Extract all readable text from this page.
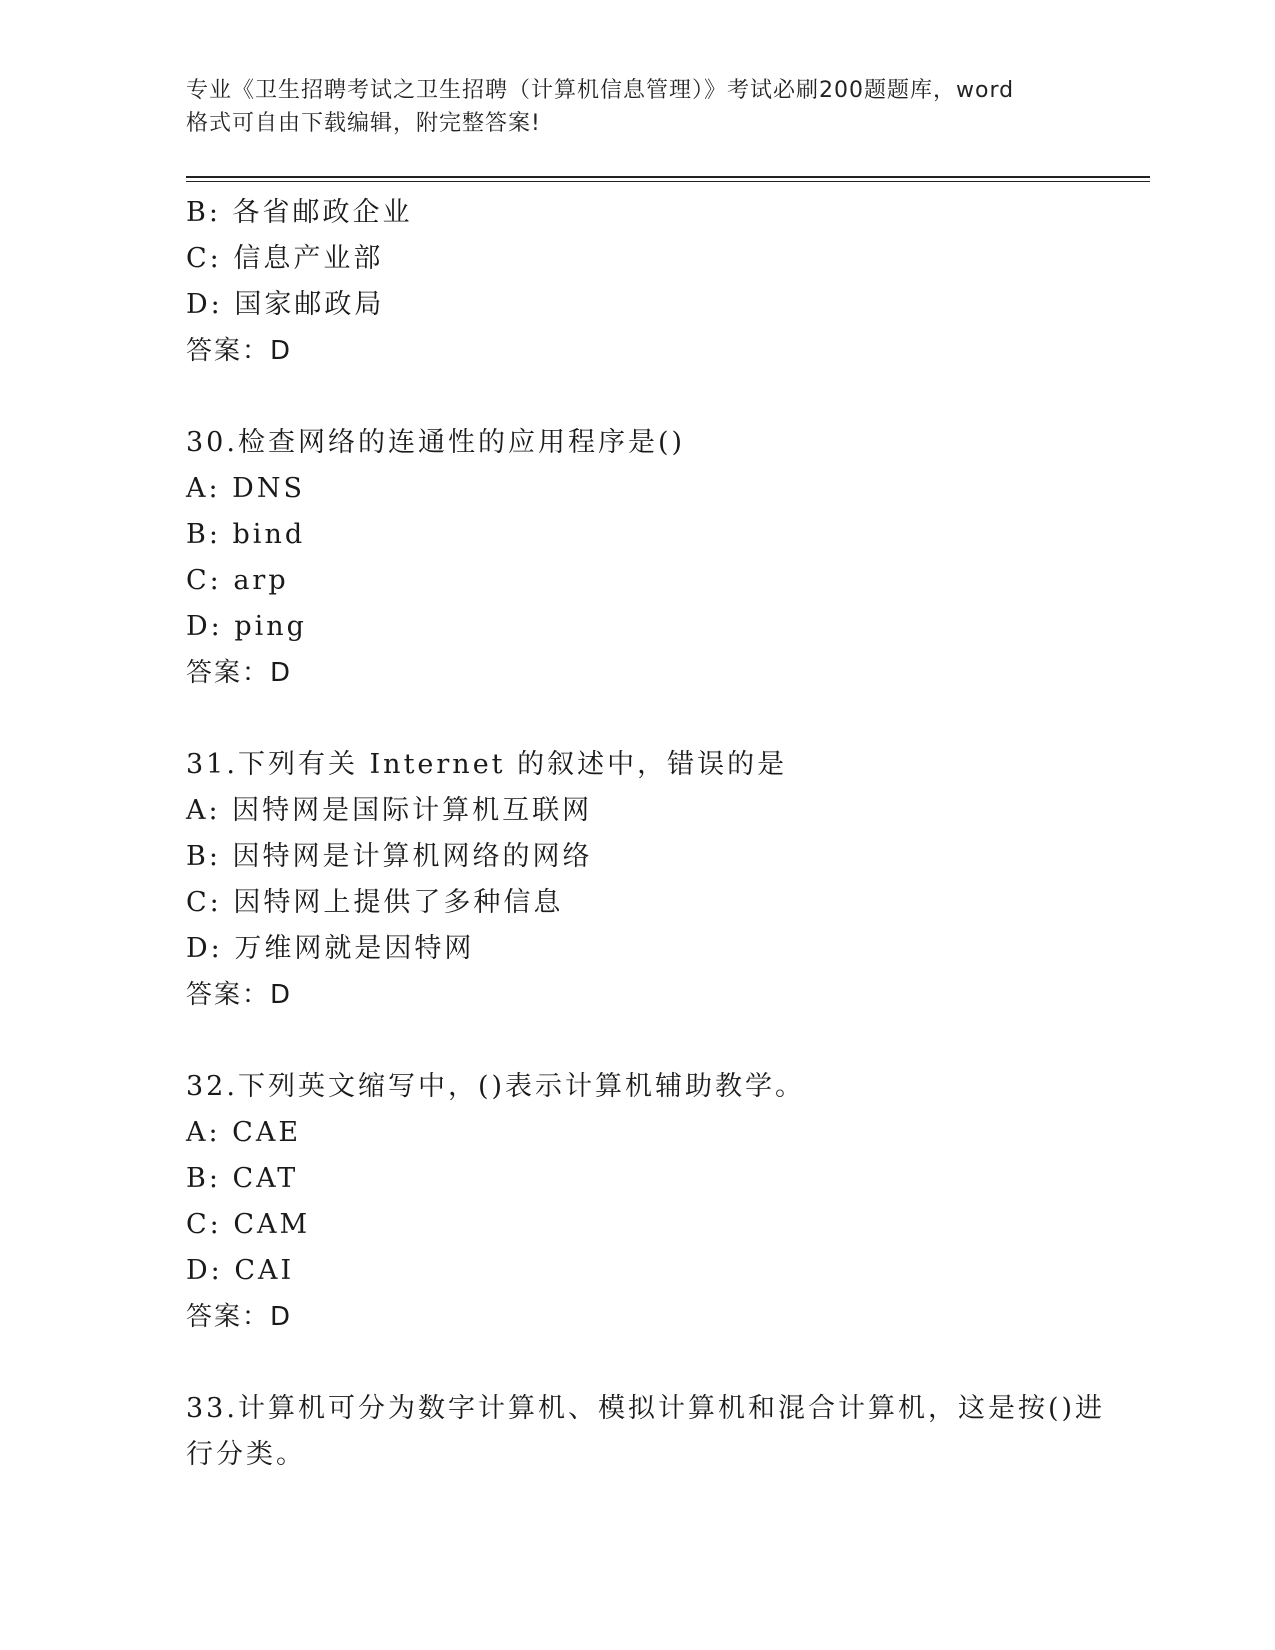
专业《卫生招聘考试之卫生招聘（计算机信息管理）》考试必刷200题题库，word
格式可自由下载编辑，附完整答案!
B: 各省邮政企业
C: 信息产业部
D: 国家邮政局
答案：D
30.检查网络的连通性的应用程序是()
A: DNS
B: bind
C: arp
D: ping
答案：D
31.下列有关 Internet 的叙述中，错误的是
A: 因特网是国际计算机互联网
B: 因特网是计算机网络的网络
C: 因特网上提供了多种信息
D: 万维网就是因特网
答案：D
32.下列英文缩写中，()表示计算机辅助教学。
A: CAE
B: CAT
C: CAM
D: CAI
答案：D
33.计算机可分为数字计算机、模拟计算机和混合计算机，这是按()进
行分类。
